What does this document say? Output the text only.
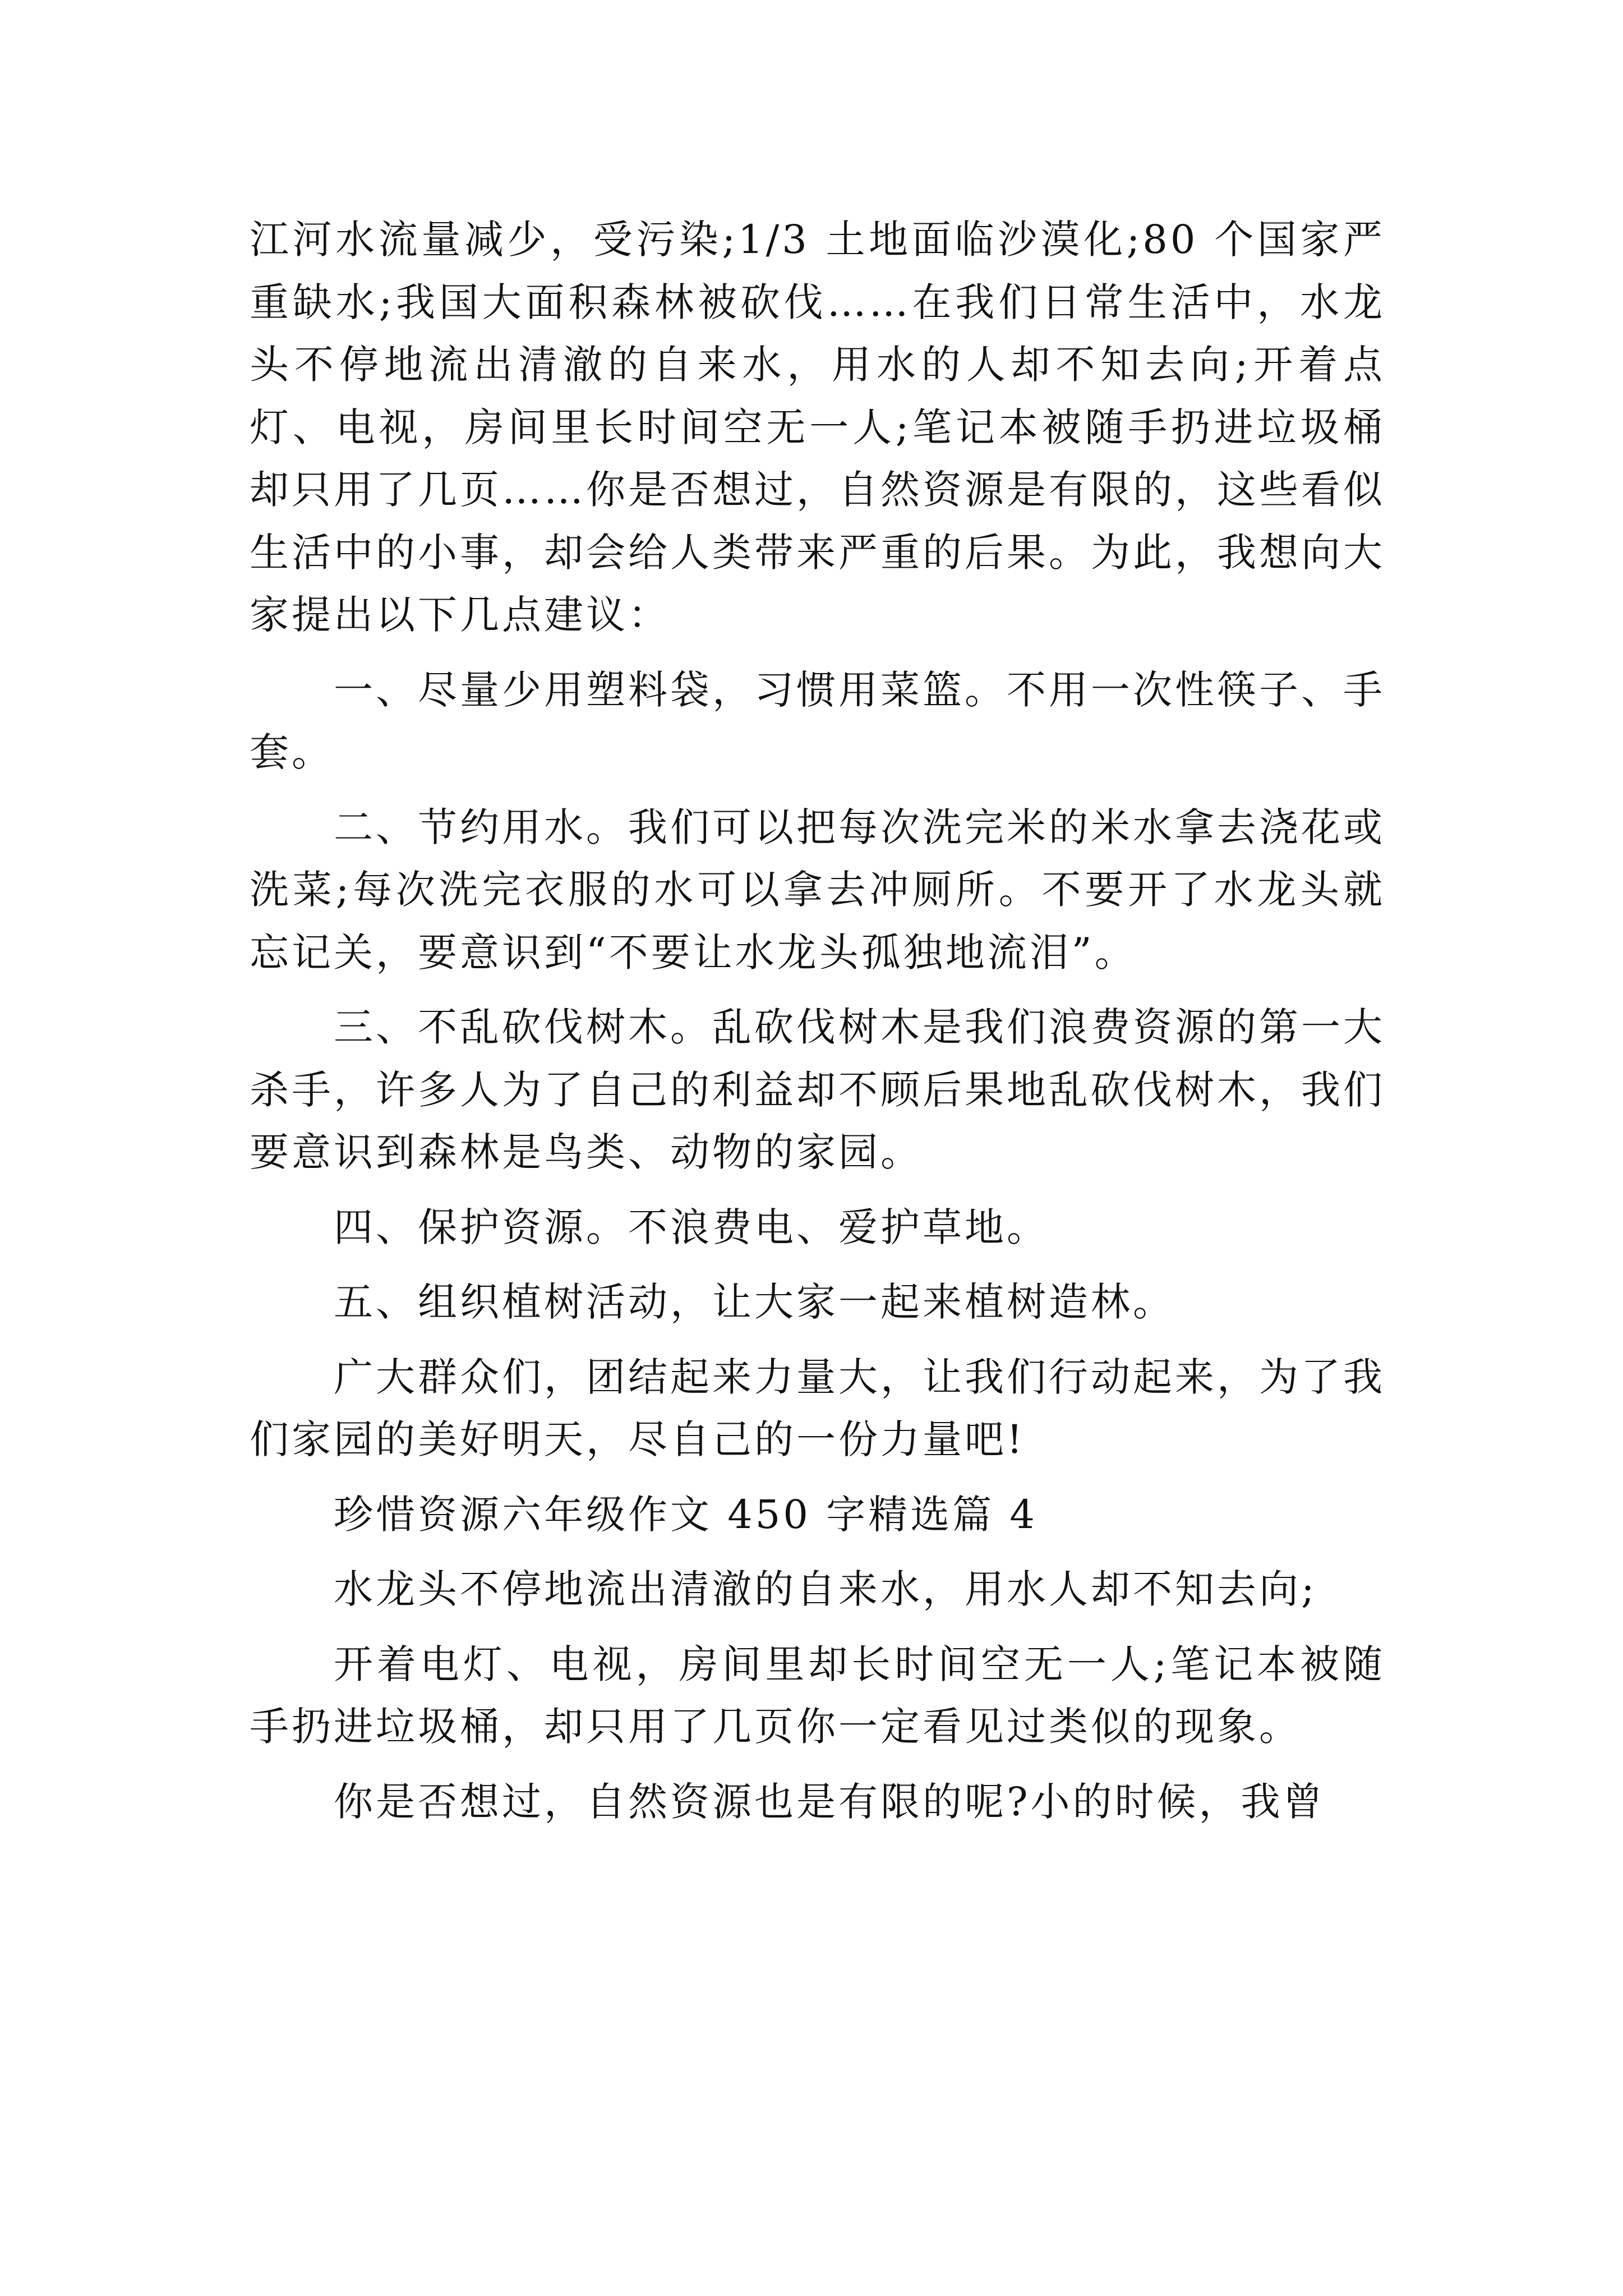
江河水流量减少，受污染;1/3 土地面临沙漠化;80 个国家严重缺水;我国大面积森林被砍伐……在我们日常生活中，水龙头不停地流出清澈的自来水，用水的人却不知去向;开着点灯、电视，房间里长时间空无一人;笔记本被随手扔进垃圾桶却只用了几页……你是否想过，自然资源是有限的，这些看似生活中的小事，却会给人类带来严重的后果。为此，我想向大家提出以下几点建议：

一、尽量少用塑料袋，习惯用菜篮。不用一次性筷子、手套。

二、节约用水。我们可以把每次洗完米的米水拿去浇花或洗菜;每次洗完衣服的水可以拿去冲厕所。不要开了水龙头就忘记关，要意识到“不要让水龙头孤独地流泪”。

三、不乱砍伐树木。乱砍伐树木是我们浪费资源的第一大杀手，许多人为了自己的利益却不顾后果地乱砍伐树木，我们要意识到森林是鸟类、动物的家园。

四、保护资源。不浪费电、爱护草地。

五、组织植树活动，让大家一起来植树造林。

广大群众们，团结起来力量大，让我们行动起来，为了我们家园的美好明天，尽自己的一份力量吧!

珍惜资源六年级作文 450 字精选篇 4

水龙头不停地流出清澈的自来水，用水人却不知去向;

开着电灯、电视，房间里却长时间空无一人;笔记本被随手扔进垃圾桶，却只用了几页你一定看见过类似的现象。

你是否想过，自然资源也是有限的呢?小的时候，我曾
